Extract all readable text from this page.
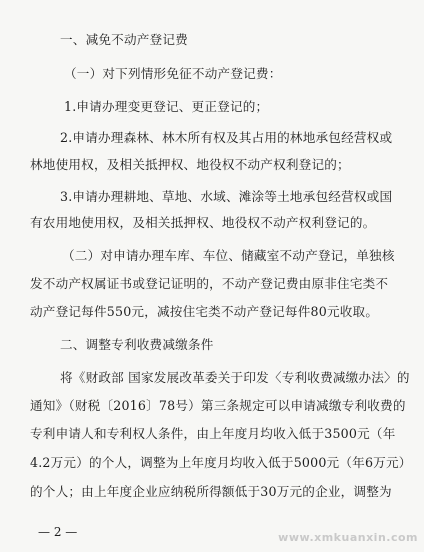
一、减免不动产登记费
（一）对下列情形免征不动产登记费：
1.申请办理变更登记、更正登记的；
2.申请办理森林、林木所有权及其占用的林地承包经营权或
林地使用权，及相关抵押权、地役权不动产权利登记的；
3.申请办理耕地、草地、水域、滩涂等土地承包经营权或国
有农用地使用权，及相关抵押权、地役权不动产权利登记的。
（二）对申请办理车库、车位、储藏室不动产登记，单独核
发不动产权属证书或登记证明的，不动产登记费由原非住宅类不
动产登记每件550元，减按住宅类不动产登记每件80元收取。
二、调整专利收费减缴条件
将《财政部 国家发展改革委关于印发〈专利收费减缴办法〉的
通知》（财税〔2016〕78号）第三条规定可以申请减缴专利收费的
专利申请人和专利权人条件，由上年度月均收入低于3500元（年
4.2万元）的个人，调整为上年度月均收入低于5000元（年6万元）
的个人；由上年度企业应纳税所得额低于30万元的企业，调整为
— 2 —	www.xmkuanxin.com
